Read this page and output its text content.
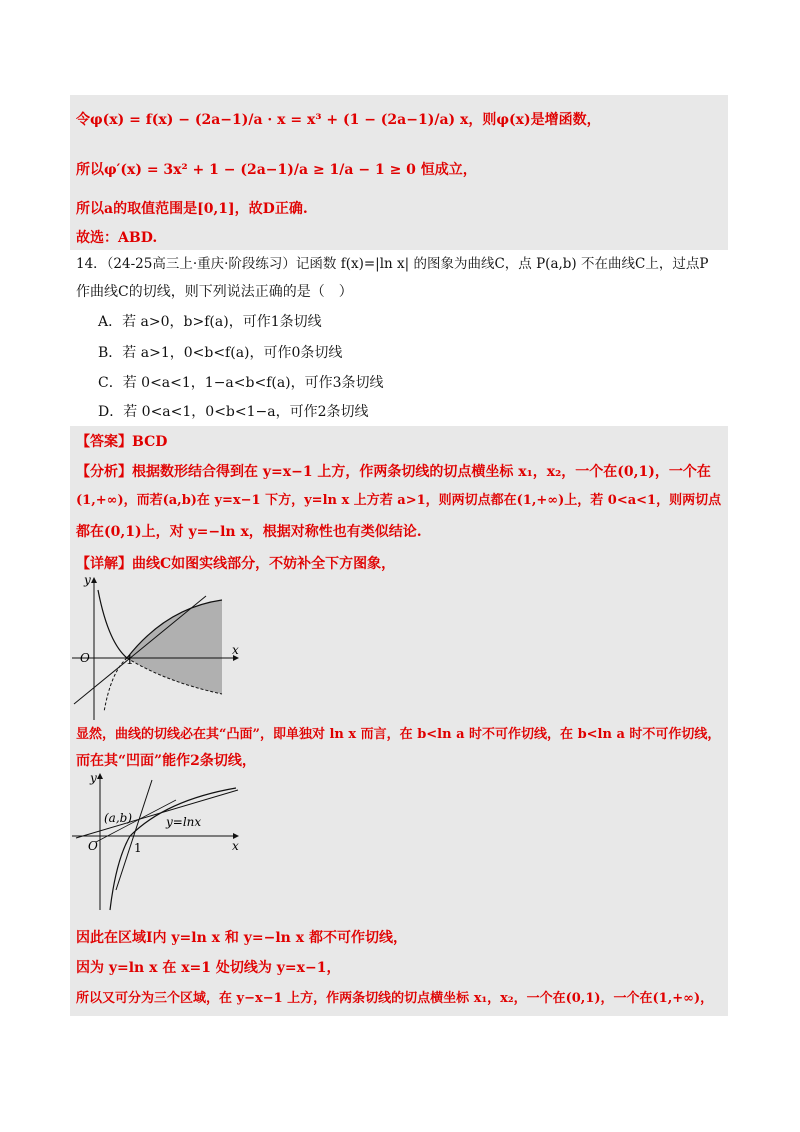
令φ(x) = f(x) − (2a−1)/a · x = x³ + (1 − (2a−1)/a) x，则φ(x)是增函数，
所以φ′(x) = 3x² + 1 − (2a−1)/a ≥ 1/a − 1 ≥ 0 恒成立，
所以a的取值范围是[0,1]，故D正确.
故选：ABD.
14．（24-25高三上·重庆·阶段练习）记函数 f(x)=|ln x| 的图象为曲线C，点 P(a,b) 不在曲线C上，过点P
作曲线C的切线，则下列说法正确的是（　）
A．若 a>0，b>f(a)，可作1条切线
B．若 a>1，0<b<f(a)，可作0条切线
C．若 0<a<1，1−a<b<f(a)，可作3条切线
D．若 0<a<1，0<b<1−a，可作2条切线
【答案】BCD
【分析】根据数形结合得到在 y=x−1 上方，作两条切线的切点横坐标 x₁，x₂，一个在(0,1)，一个在
(1,+∞)，而若(a,b)在 y=x−1 下方，y=ln x 上方若 a>1，则两切点都在(1,+∞)上，若 0<a<1，则两切点
都在(0,1)上，对 y=−ln x，根据对称性也有类似结论.
【详解】曲线C如图实线部分，不妨补全下方图象，
y
x
O	1
显然，曲线的切线必在其“凸面”，即单独对 ln x 而言，在 b<ln a 时不可作切线，在 b<ln a 时不可作切线，
而在其“凹面”能作2条切线，
y
x
O	1
(a,b)	y=lnx
因此在区域Ⅰ内 y=ln x 和 y=−ln x 都不可作切线，
因为 y=ln x 在 x=1 处切线为 y=x−1，
所以又可分为三个区域，在 y−x−1 上方，作两条切线的切点横坐标 x₁，x₂，一个在(0,1)，一个在(1,+∞)，
